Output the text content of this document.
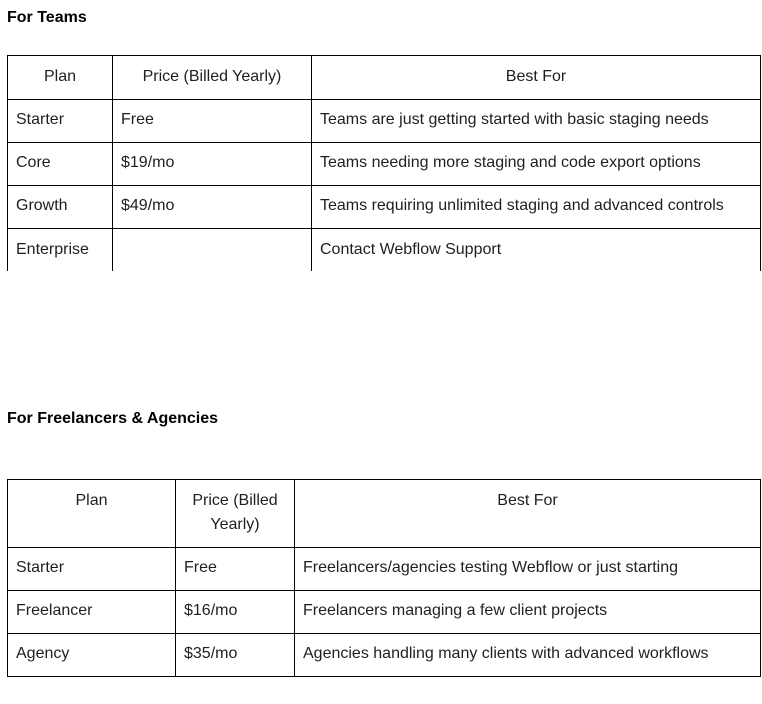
For Teams
Plan	Price (Billed Yearly)	Best For
Starter	Free	Teams are just getting started with basic staging needs
Core	$19/mo	Teams needing more staging and code export options
Growth	$49/mo	Teams requiring unlimited staging and advanced controls
Enterprise		Contact Webflow Support
For Freelancers & Agencies
Plan	Price (Billed Yearly)	Best For
Starter	Free	Freelancers/agencies testing Webflow or just starting
Freelancer	$16/mo	Freelancers managing a few client projects
Agency	$35/mo	Agencies handling many clients with advanced workflows
